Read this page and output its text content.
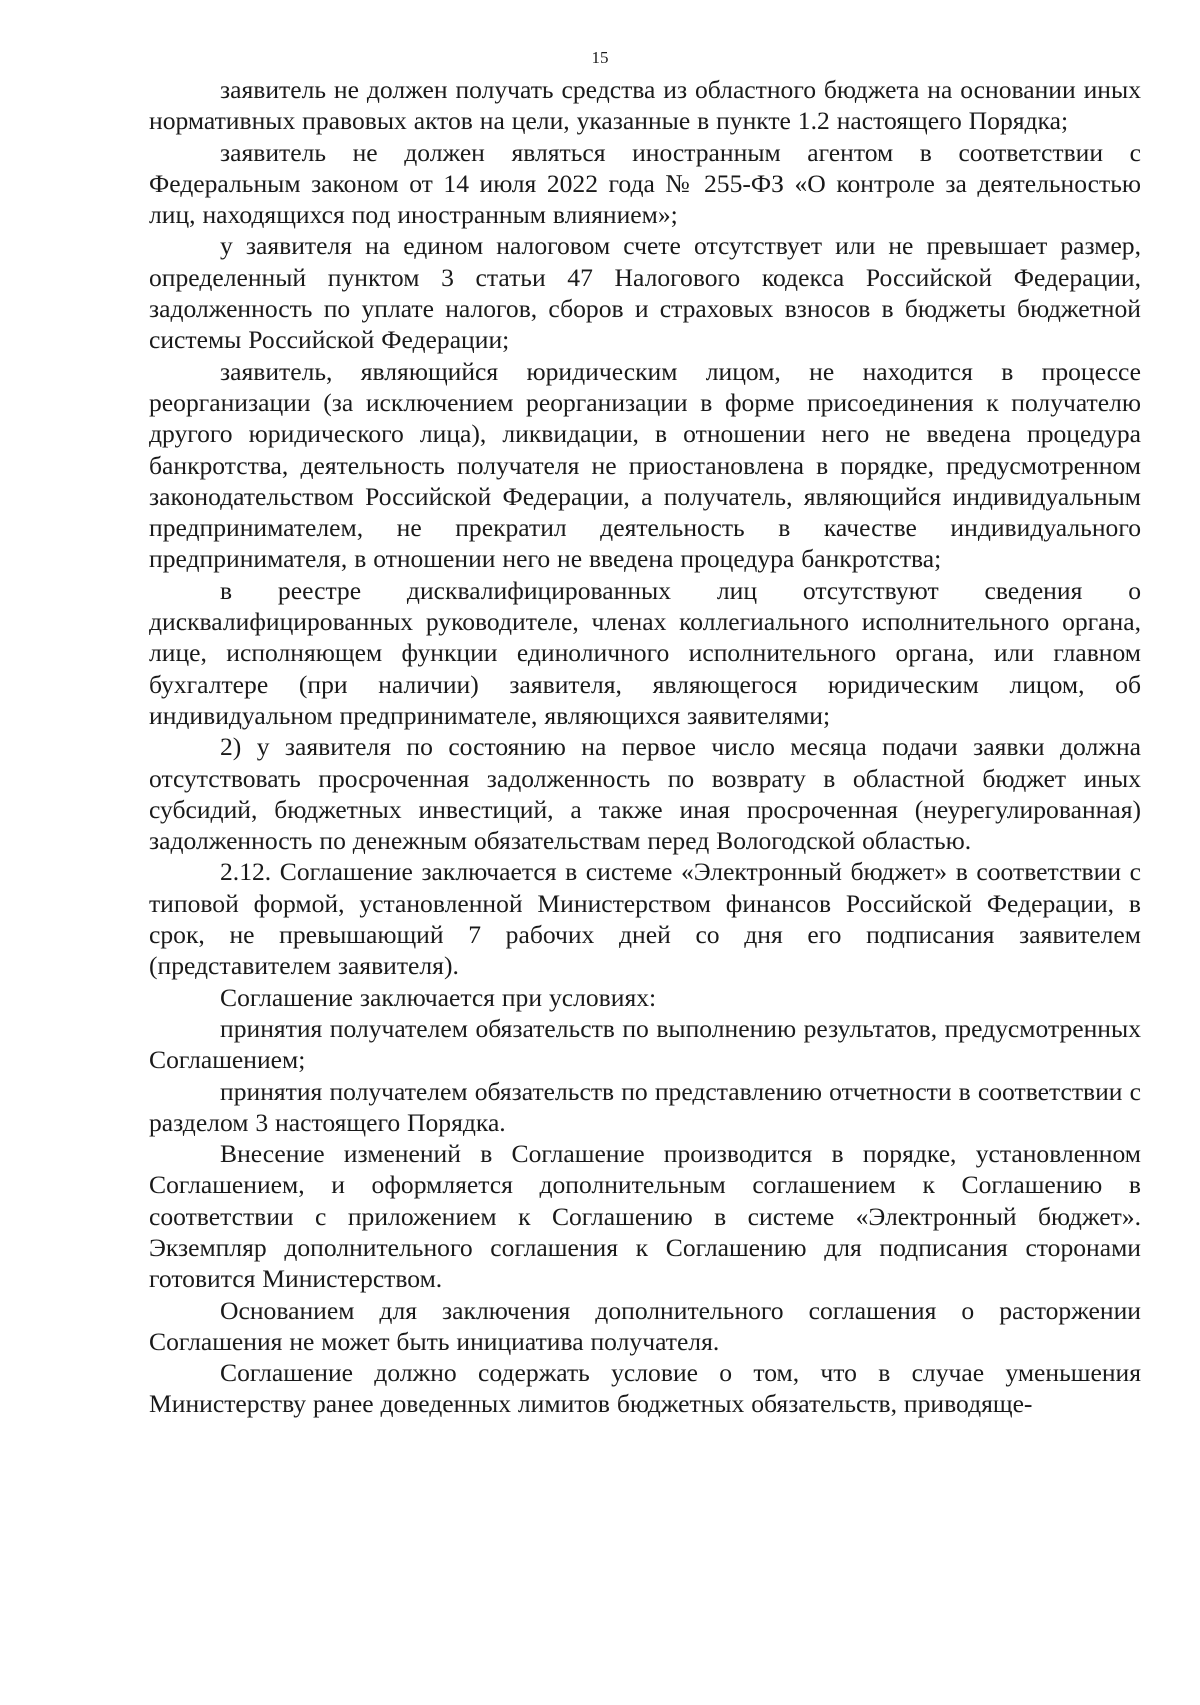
15

заявитель не должен получать средства из областного бюджета на основании иных нормативных правовых актов на цели, указанные в пункте 1.2 настоящего Порядка;

заявитель не должен являться иностранным агентом в соответствии с Федеральным законом от 14 июля 2022 года № 255-ФЗ «О контроле за деятельностью лиц, находящихся под иностранным влиянием»;

у заявителя на едином налоговом счете отсутствует или не превышает размер, определенный пунктом 3 статьи 47 Налогового кодекса Российской Федерации, задолженность по уплате налогов, сборов и страховых взносов в бюджеты бюджетной системы Российской Федерации;

заявитель, являющийся юридическим лицом, не находится в процессе реорганизации (за исключением реорганизации в форме присоединения к получателю другого юридического лица), ликвидации, в отношении него не введена процедура банкротства, деятельность получателя не приостановлена в порядке, предусмотренном законодательством Российской Федерации, а получатель, являющийся индивидуальным предпринимателем, не прекратил деятельность в качестве индивидуального предпринимателя, в отношении него не введена процедура банкротства;

в реестре дисквалифицированных лиц отсутствуют сведения о дисквалифицированных руководителе, членах коллегиального исполнительного органа, лице, исполняющем функции единоличного исполнительного органа, или главном бухгалтере (при наличии) заявителя, являющегося юридическим лицом, об индивидуальном предпринимателе, являющихся заявителями;

2) у заявителя по состоянию на первое число месяца подачи заявки должна отсутствовать просроченная задолженность по возврату в областной бюджет иных субсидий, бюджетных инвестиций, а также иная просроченная (неурегулированная) задолженность по денежным обязательствам перед Вологодской областью.

2.12. Соглашение заключается в системе «Электронный бюджет» в соответствии с типовой формой, установленной Министерством финансов Российской Федерации, в срок, не превышающий 7 рабочих дней со дня его подписания заявителем (представителем заявителя).

Соглашение заключается при условиях:

принятия получателем обязательств по выполнению результатов, предусмотренных Соглашением;

принятия получателем обязательств по представлению отчетности в соответствии с разделом 3 настоящего Порядка.

Внесение изменений в Соглашение производится в порядке, установленном Соглашением, и оформляется дополнительным соглашением к Соглашению в соответствии с приложением к Соглашению в системе «Электронный бюджет». Экземпляр дополнительного соглашения к Соглашению для подписания сторонами готовится Министерством.

Основанием для заключения дополнительного соглашения о расторжении Соглашения не может быть инициатива получателя.

Соглашение должно содержать условие о том, что в случае уменьшения Министерству ранее доведенных лимитов бюджетных обязательств, приводяще-
